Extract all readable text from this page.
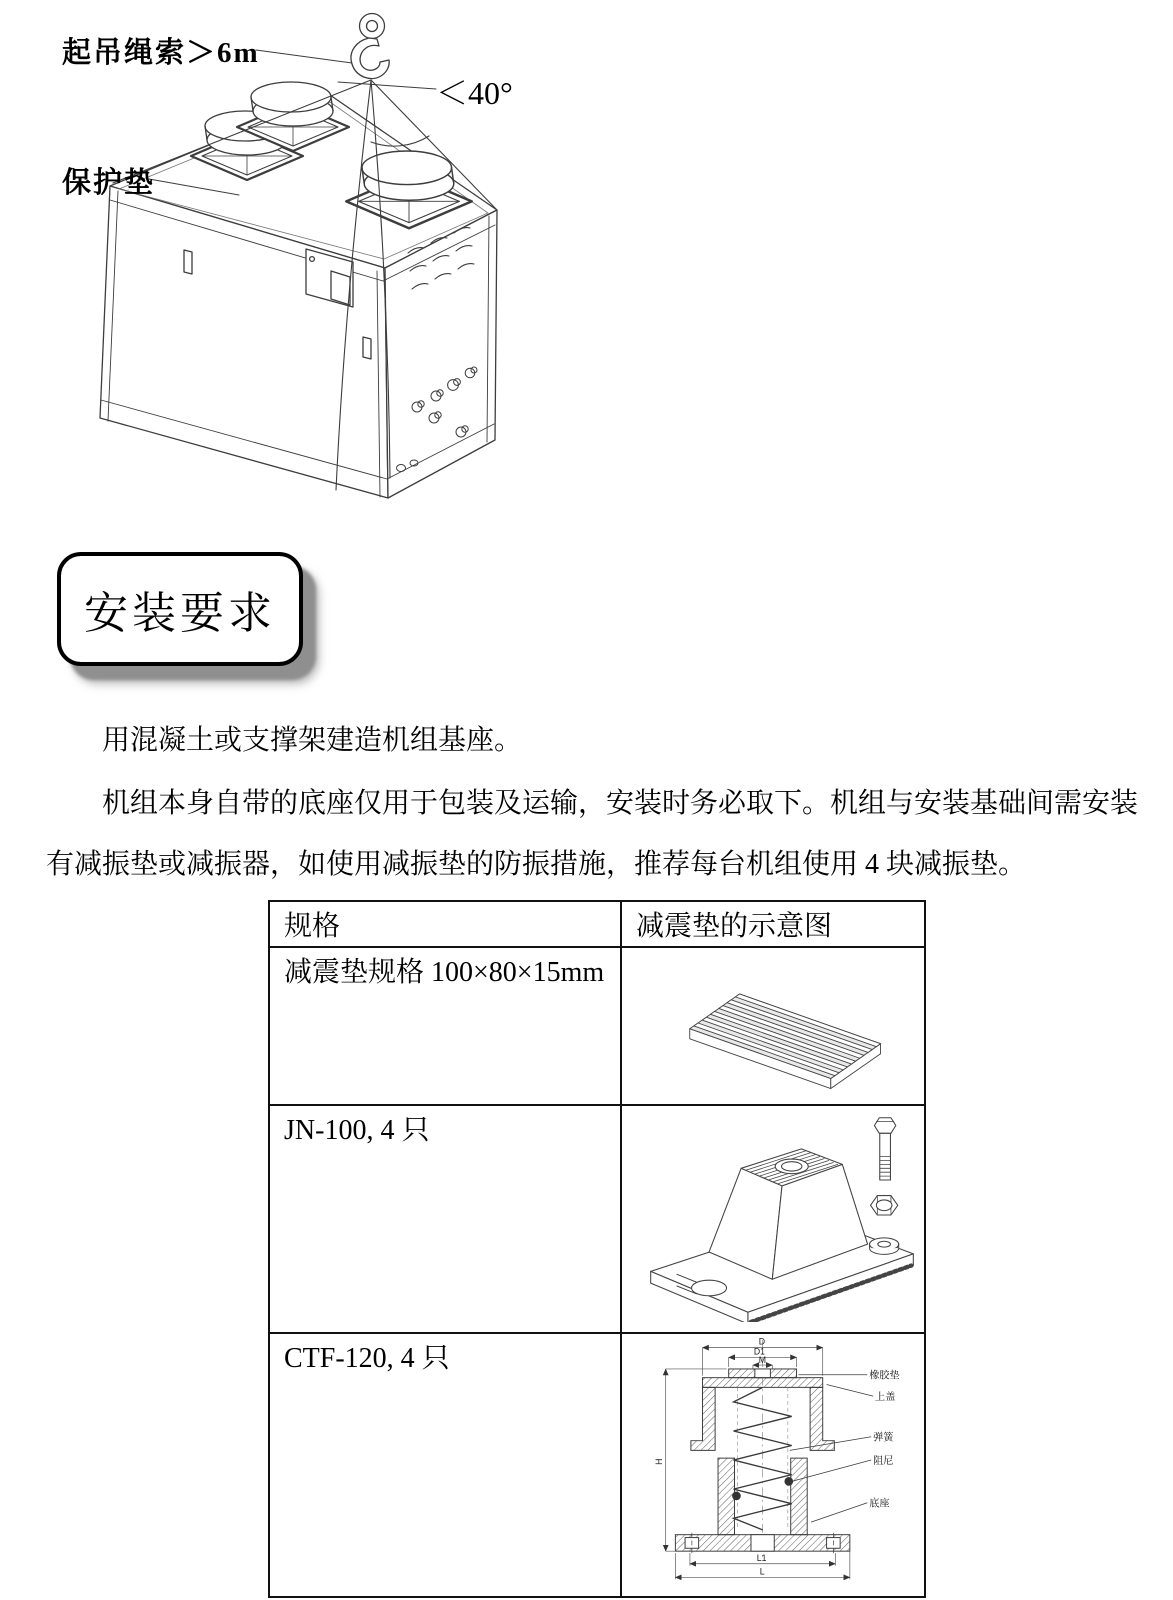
起吊绳索＞6m
＜40°
保护垫
安装要求

用混凝土或支撑架建造机组基座。

机组本身自带的底座仅用于包装及运输，安装时务必取下。机组与安装基础间需安装有减振垫或减振器，如使用减振垫的防振措施，推荐每台机组使用 4 块减振垫。

规格	减震垫的示意图
减震垫规格 100×80×15mm	

JN-100, 4 只	

CTF-120, 4 只	
D
D1
M
H
L1
L
橡胶垫
上盖
弹簧
阻尼
底座
